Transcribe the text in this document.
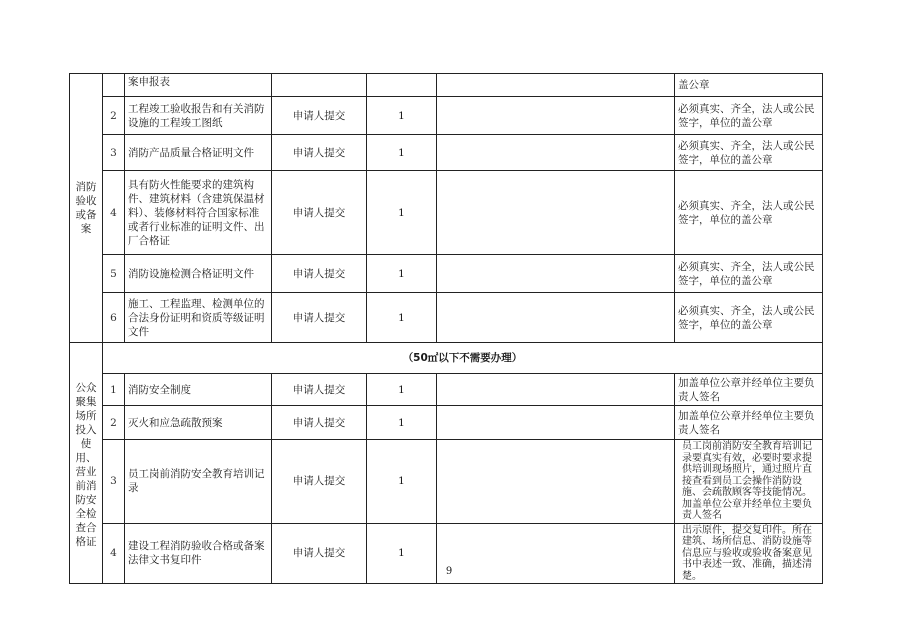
消防验收或备案		案申报表				盖公章
	2	工程竣工验收报告和有关消防设施的工程竣工图纸	申请人提交	1		必须真实、齐全，法人或公民签字，单位的盖公章
	3	消防产品质量合格证明文件	申请人提交	1		必须真实、齐全，法人或公民签字，单位的盖公章
	4	具有防火性能要求的建筑构件、建筑材料（含建筑保温材料）、装修材料符合国家标准或者行业标准的证明文件、出厂合格证	申请人提交	1		必须真实、齐全，法人或公民签字，单位的盖公章
	5	消防设施检测合格证明文件	申请人提交	1		必须真实、齐全，法人或公民签字，单位的盖公章
	6	施工、工程监理、检测单位的合法身份证明和资质等级证明文件	申请人提交	1		必须真实、齐全，法人或公民签字，单位的盖公章
公众聚集场所投入使用、营业前消防安全检查合格证	（50㎡以下不需要办理）					
	1	消防安全制度	申请人提交	1		加盖单位公章并经单位主要负责人签名
	2	灭火和应急疏散预案	申请人提交	1		加盖单位公章并经单位主要负责人签名
	3	员工岗前消防安全教育培训记录	申请人提交	1		员工岗前消防安全教育培训记录要真实有效，必要时要求提供培训现场照片，通过照片直接查看到员工会操作消防设施、会疏散顾客等技能情况。加盖单位公章并经单位主要负责人签名
	4	建设工程消防验收合格或备案法律文书复印件	申请人提交	1		出示原件，提交复印件。所在建筑、场所信息、消防设施等信息应与验收或验收备案意见书中表述一致、准确，描述清楚。
9
